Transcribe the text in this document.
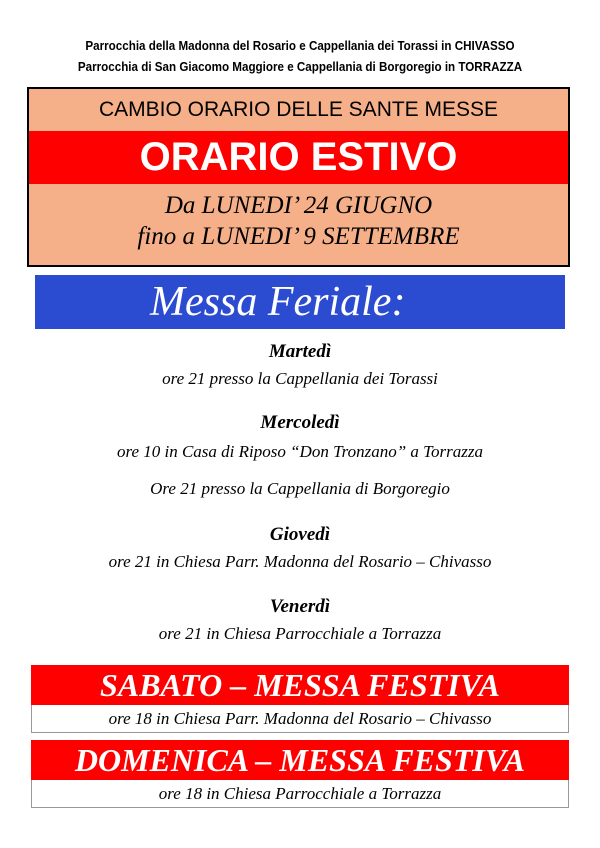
Parrocchia della Madonna del Rosario e Cappellania dei Torassi in CHIVASSO
Parrocchia di San Giacomo Maggiore e Cappellania di Borgoregio in TORRAZZA
CAMBIO ORARIO DELLE SANTE MESSE
ORARIO ESTIVO
Da LUNEDI’ 24 GIUGNO
fino a LUNEDI’ 9 SETTEMBRE
Messa Feriale:
Martedì
ore 21 presso la Cappellania dei Torassi
Mercoledì
ore 10 in Casa di Riposo “Don Tronzano” a Torrazza
Ore 21 presso la Cappellania di Borgoregio
Giovedì
ore 21 in Chiesa Parr. Madonna del Rosario – Chivasso
Venerdì
ore 21 in Chiesa Parrocchiale a Torrazza
SABATO – MESSA FESTIVA
ore 18 in Chiesa Parr. Madonna del Rosario – Chivasso
DOMENICA – MESSA FESTIVA
ore 18 in Chiesa Parrocchiale a Torrazza
